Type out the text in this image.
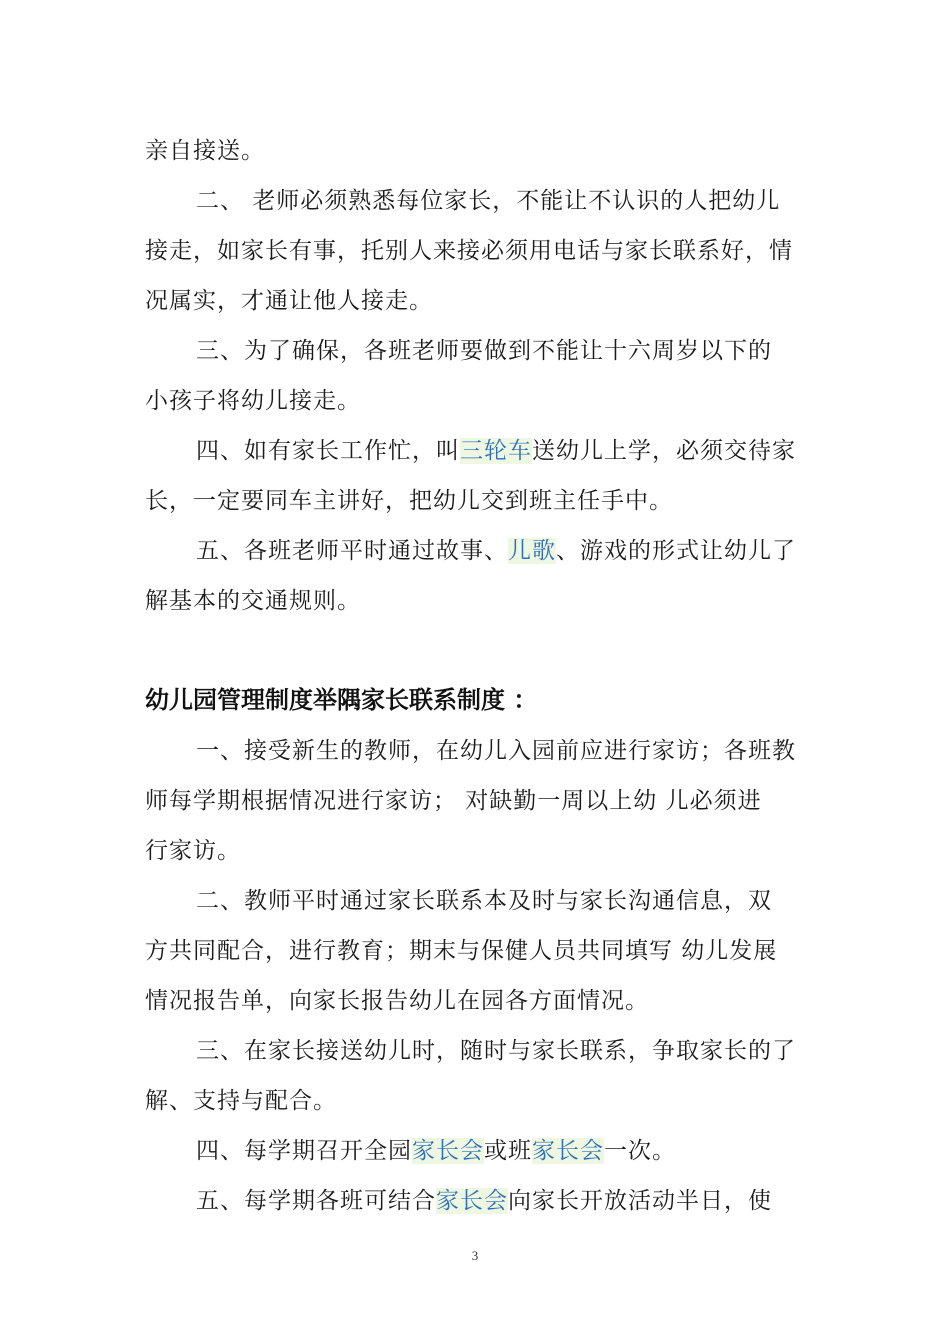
亲自接送。
二、 老师必须熟悉每位家长，不能让不认识的人把幼儿
接走，如家长有事，托别人来接必须用电话与家长联系好，情
况属实，才通让他人接走。
三、为了确保，各班老师要做到不能让十六周岁以下的
小孩子将幼儿接走。
四、如有家长工作忙，叫三轮车送幼儿上学，必须交待家
长，一定要同车主讲好，把幼儿交到班主任手中。
五、各班老师平时通过故事、儿歌、游戏的形式让幼儿了
解基本的交通规则。
幼儿园管理制度举隅家长联系制度 ：
一、接受新生的教师，在幼儿入园前应进行家访；各班教
师每学期根据情况进行家访； 对缺勤一周以上幼 儿必须进
行家访。
二、教师平时通过家长联系本及时与家长沟通信息，双
方共同配合，进行教育；期末与保健人员共同填写 幼儿发展
情况报告单，向家长报告幼儿在园各方面情况。
三、在家长接送幼儿时，随时与家长联系，争取家长的了
解、支持与配合。
四、每学期召开全园家长会或班家长会一次。
五、每学期各班可结合家长会向家长开放活动半日，使
3
